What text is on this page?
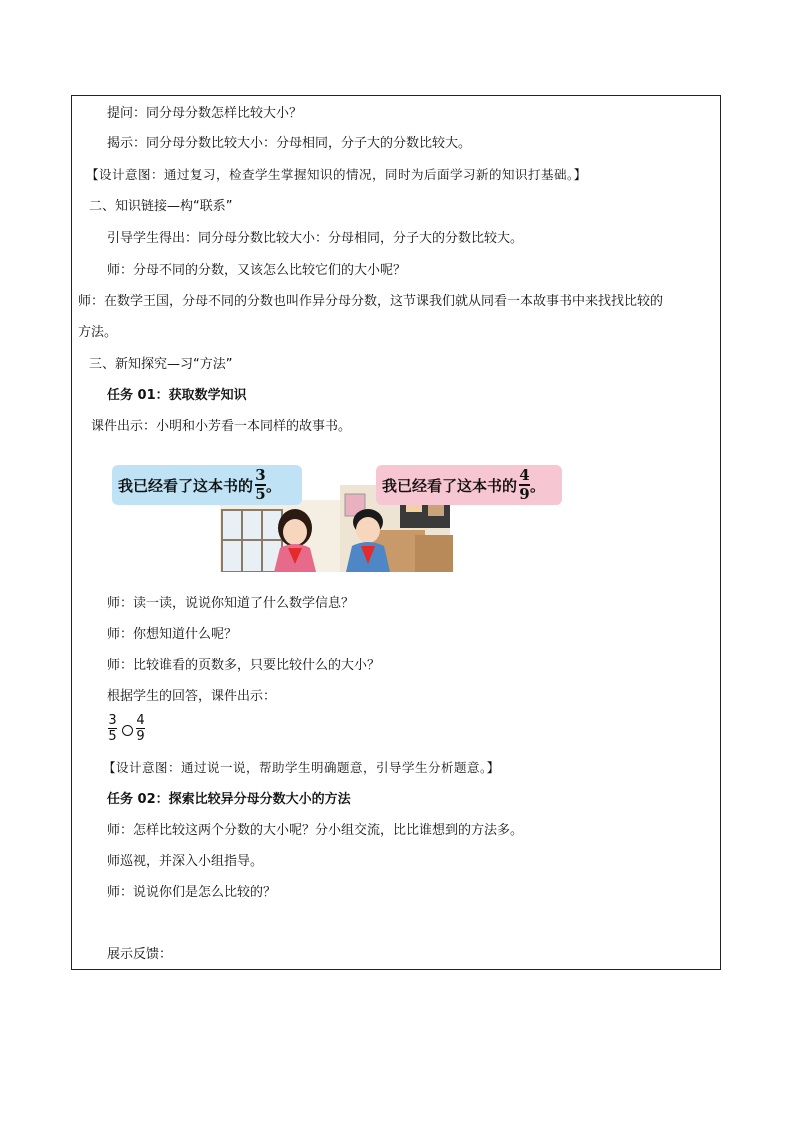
提问：同分母分数怎样比较大小？
揭示：同分母分数比较大小：分母相同，分子大的分数比较大。
【设计意图：通过复习，检查学生掌握知识的情况，同时为后面学习新的知识打基础。】
二、知识链接—构“联系”
引导学生得出：同分母分数比较大小：分母相同，分子大的分数比较大。
师：分母不同的分数，又该怎么比较它们的大小呢？
师：在数学王国，分母不同的分数也叫作异分母分数，这节课我们就从同看一本故事书中来找找比较的
方法。
三、新知探究—习“方法”
任务 01：获取数学知识
课件出示：小明和小芳看一本同样的故事书。
我已经看了这本书的
3
5 。	我已经看了这本书的
4
9 。
师：读一读，说说你知道了什么数学信息？
师：你想知道什么呢？
师：比较谁看的页数多，只要比较什么的大小？
根据学生的回答，课件出示：
3
5
4
9
【设计意图：通过说一说，帮助学生明确题意，引导学生分析题意。】
任务 02：探索比较异分母分数大小的方法
师：怎样比较这两个分数的大小呢？分小组交流，比比谁想到的方法多。
师巡视，并深入小组指导。
师：说说你们是怎么比较的？
展示反馈：
